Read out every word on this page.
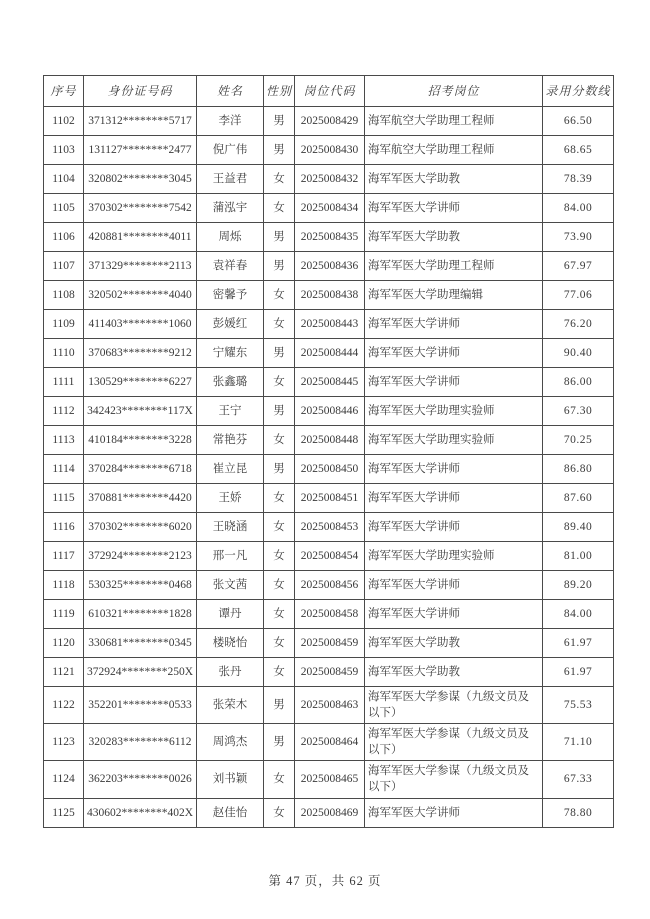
序号	身份证号码	姓名	性别	岗位代码	招考岗位	录用分数线
1102	371312********5717	李洋	男	2025008429	海军航空大学助理工程师	66.50
1103	131127********2477	倪广伟	男	2025008430	海军航空大学助理工程师	68.65
1104	320802********3045	王益君	女	2025008432	海军军医大学助教	78.39
1105	370302********7542	蒲泓宇	女	2025008434	海军军医大学讲师	84.00
1106	420881********4011	周烁	男	2025008435	海军军医大学助教	73.90
1107	371329********2113	袁祥春	男	2025008436	海军军医大学助理工程师	67.97
1108	320502********4040	密馨予	女	2025008438	海军军医大学助理编辑	77.06
1109	411403********1060	彭媛红	女	2025008443	海军军医大学讲师	76.20
1110	370683********9212	宁耀东	男	2025008444	海军军医大学讲师	90.40
1111	130529********6227	张鑫璐	女	2025008445	海军军医大学讲师	86.00
1112	342423********117X	王宁	男	2025008446	海军军医大学助理实验师	67.30
1113	410184********3228	常艳芬	女	2025008448	海军军医大学助理实验师	70.25
1114	370284********6718	崔立昆	男	2025008450	海军军医大学讲师	86.80
1115	370881********4420	王娇	女	2025008451	海军军医大学讲师	87.60
1116	370302********6020	王晓涵	女	2025008453	海军军医大学讲师	89.40
1117	372924********2123	邢一凡	女	2025008454	海军军医大学助理实验师	81.00
1118	530325********0468	张文茜	女	2025008456	海军军医大学讲师	89.20
1119	610321********1828	谭丹	女	2025008458	海军军医大学讲师	84.00
1120	330681********0345	楼晓怡	女	2025008459	海军军医大学助教	61.97
1121	372924********250X	张丹	女	2025008459	海军军医大学助教	61.97
1122	352201********0533	张荣木	男	2025008463	海军军医大学参谋（九级文员及以下）	75.53
1123	320283********6112	周鸿杰	男	2025008464	海军军医大学参谋（九级文员及以下）	71.10
1124	362203********0026	刘书颖	女	2025008465	海军军医大学参谋（九级文员及以下）	67.33
1125	430602********402X	赵佳怡	女	2025008469	海军军医大学讲师	78.80
第 47 页，共 62 页
